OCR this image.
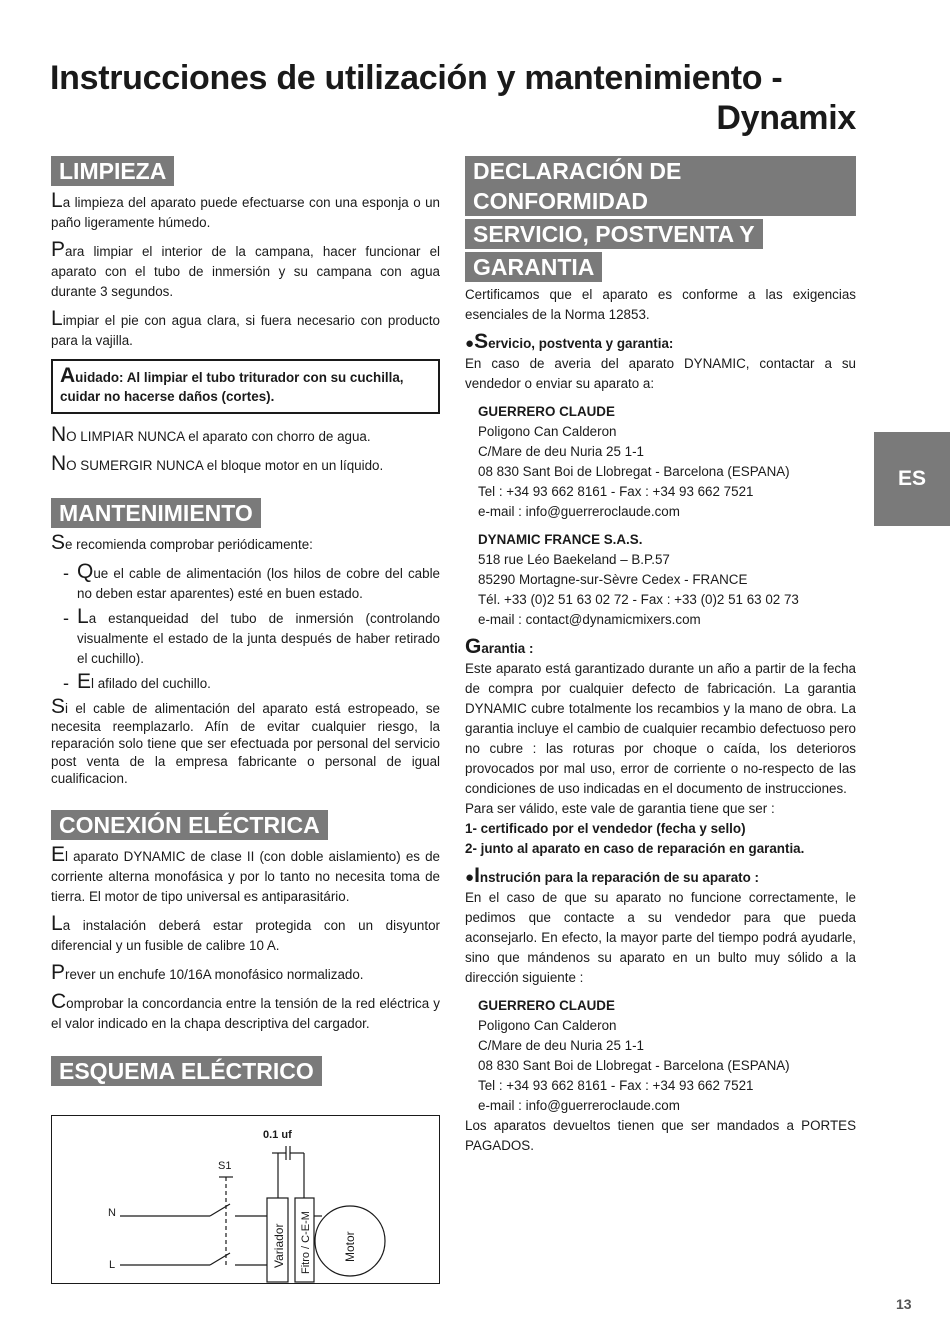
Instrucciones de utilización y mantenimiento -
Dynamix
LIMPIEZA

La limpieza del aparato puede efectuarse con una esponja o un paño ligeramente húmedo.

Para limpiar el interior de la campana, hacer funcionar el aparato con el tubo de inmersión y su campana con agua durante 3 segundos.

Limpiar el pie con agua clara, si fuera necesario con producto para la vajilla.

Auidado: Al limpiar el tubo triturador con su cuchilla, cuidar no hacerse daños (cortes).

NO LIMPIAR NUNCA el aparato con chorro de agua.

NO SUMERGIR NUNCA el bloque motor en un líquido.

MANTENIMIENTO

Se recomienda comprobar periódicamente:

- Que el cable de alimentación (los hilos de cobre del cable no deben estar aparentes) esté en buen estado.
- La estanqueidad del tubo de inmersión (controlando visualmente el estado de la junta después de haber retirado el cuchillo).
- El afilado del cuchillo.

Si el cable de alimentación del aparato está estropeado, se necesita reemplazarlo. Afín de evitar cualquier riesgo, la reparación solo tiene que ser efectuada por personal del servicio post venta de la empresa fabricante o personal de igual cualificacion.

CONEXIÓN ELÉCTRICA

El aparato DYNAMIC de clase II (con doble aislamiento) es de corriente alterna monofásica y por lo tanto no necesita toma de tierra. El motor de tipo universal es antiparasitário.

La instalación deberá estar protegida con un disyuntor diferencial y un fusible de calibre 10 A.

Prever un enchufe 10/16A monofásico normalizado.

Comprobar la concordancia entre la tensión de la red eléctrica y el valor indicado en la chapa descriptiva del cargador.

ESQUEMA ELÉCTRICO
0.1 uf
S1
N
L	Variador Fitro / C-E-M	Motor
DECLARACIÓN DE CONFORMIDAD
SERVICIO, POSTVENTA Y
GARANTIA

Certificamos que el aparato es conforme a las exigencias esenciales de la Norma 12853.

●Servicio, postventa y garantia:

En caso de averia del aparato DYNAMIC, contactar a su vendedor o enviar su aparato a:

GUERRERO CLAUDE
Poligono Can Calderon
C/Mare de deu Nuria 25 1-1
08 830 Sant Boi de Llobregat - Barcelona (ESPANA)
Tel : +34 93 662 8161 - Fax : +34 93 662 7521
e-mail : info@guerreroclaude.com
DYNAMIC FRANCE S.A.S.
518 rue Léo Baekeland – B.P.57
85290 Mortagne-sur-Sèvre Cedex - FRANCE
Tél. +33 (0)2 51 63 02 72 - Fax : +33 (0)2 51 63 02 73
e-mail : contact@dynamicmixers.com
Garantia :

Este aparato está garantizado durante un año a partir de la fecha de compra por cualquier defecto de fabricación. La garantia DYNAMIC cubre totalmente los recambios y la mano de obra. La garantia incluye el cambio de cualquier recambio defectuoso pero no cubre : las roturas por choque o caída, los deterioros provocados por mal uso, error de corriente o no-respecto de las condiciones de uso indicadas en el documento de instrucciones.

Para ser válido, este vale de garantia tiene que ser :

1- certificado por el vendedor (fecha y sello)

2- junto al aparato en caso de reparación en garantia.

●Instrución para la reparación de su aparato :

En el caso de que su aparato no funcione correctamente, le pedimos que contacte a su vendedor para que pueda aconsejarlo. En efecto, la mayor parte del tiempo podrá ayudarle, sino que mándenos su aparato en un bulto muy sólido a la dirección siguiente :

GUERRERO CLAUDE
Poligono Can Calderon
C/Mare de deu Nuria 25 1-1
08 830 Sant Boi de Llobregat - Barcelona (ESPANA)
Tel : +34 93 662 8161 - Fax : +34 93 662 7521
e-mail : info@guerreroclaude.com

Los aparatos devueltos tienen que ser mandados a PORTES PAGADOS.

ES
13
